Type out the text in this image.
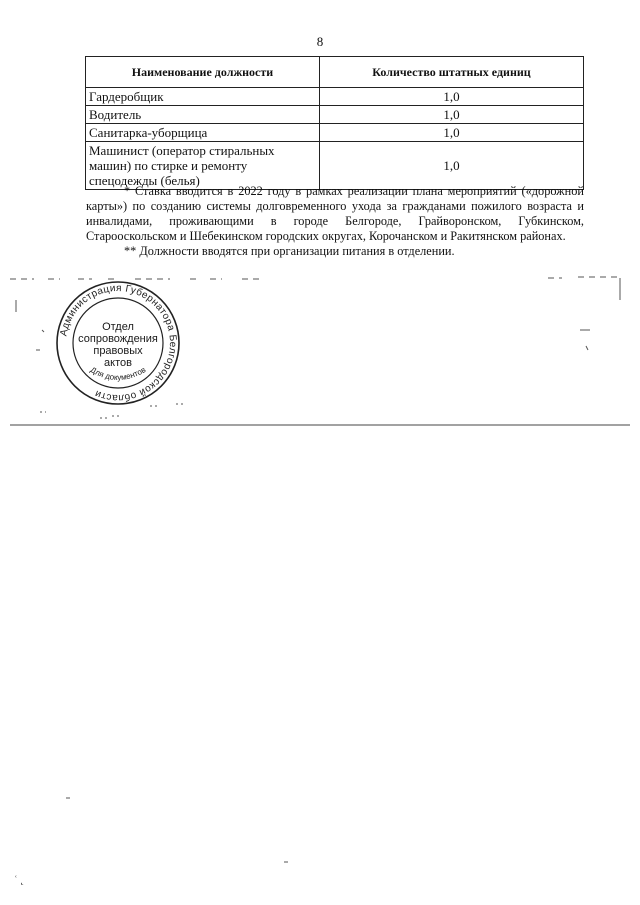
8
Наименование должности	Количество штатных единиц
Гардеробщик	1,0
Водитель	1,0
Санитарка-уборщица	1,0
Машинист (оператор стиральных машин) по стирке и ремонту спецодежды (белья)	1,0

* Ставка вводится в 2022 году в рамках реализации плана мероприятий («дорожной карты») по созданию системы долговременного ухода за гражданами пожилого возраста и инвалидами, проживающими в городе Белгороде, Грайворонском, Губкинском, Старооскольском и Шебекинском городских округах, Корочанском и Ракитянском районах.

** Должности вводятся при организации питания в отделении.

Администрация Губернатора Белгородской области
Для документов
Отдел
сопровождения
правовых
актов
ʿ ˛
